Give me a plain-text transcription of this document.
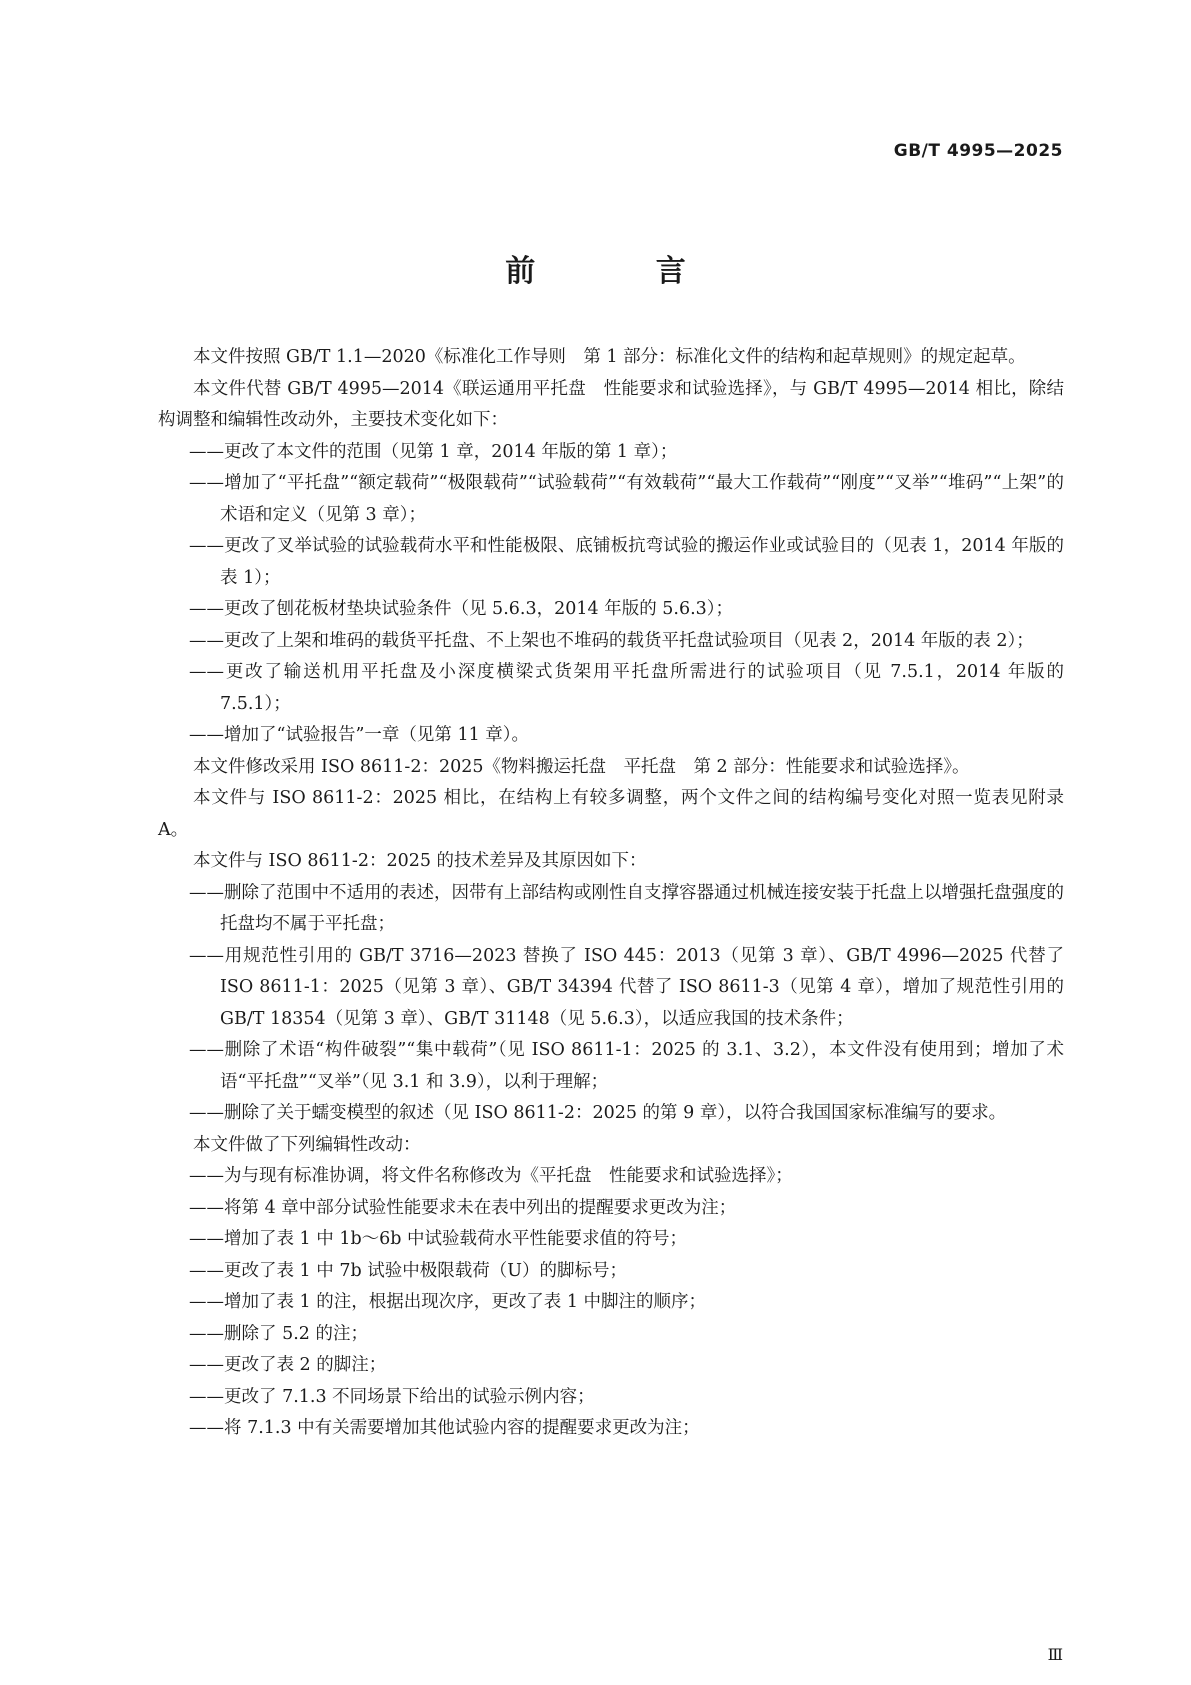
GB/T 4995—2025
前 言

本文件按照 GB/T 1.1—2020《标准化工作导则　第 1 部分：标准化文件的结构和起草规则》的规定起草。

本文件代替 GB/T 4995—2014《联运通用平托盘　性能要求和试验选择》，与 GB/T 4995—2014 相比，除结构调整和编辑性改动外，主要技术变化如下：

——更改了本文件的范围（见第 1 章，2014 年版的第 1 章）；

——增加了“平托盘”“额定载荷”“极限载荷”“试验载荷”“有效载荷”“最大工作载荷”“刚度”“叉举”“堆码”“上架”的术语和定义（见第 3 章）；

——更改了叉举试验的试验载荷水平和性能极限、底铺板抗弯试验的搬运作业或试验目的（见表 1，2014 年版的表 1）；

——更改了刨花板材垫块试验条件（见 5.6.3，2014 年版的 5.6.3）；

——更改了上架和堆码的载货平托盘、不上架也不堆码的载货平托盘试验项目（见表 2，2014 年版的表 2）；

——更改了输送机用平托盘及小深度横梁式货架用平托盘所需进行的试验项目（见 7.5.1，2014 年版的 7.5.1）；

——增加了“试验报告”一章（见第 11 章）。

本文件修改采用 ISO 8611-2：2025《物料搬运托盘　平托盘　第 2 部分：性能要求和试验选择》。

本文件与 ISO 8611-2：2025 相比，在结构上有较多调整，两个文件之间的结构编号变化对照一览表见附录 A。

本文件与 ISO 8611-2：2025 的技术差异及其原因如下：

——删除了范围中不适用的表述，因带有上部结构或刚性自支撑容器通过机械连接安装于托盘上以增强托盘强度的托盘均不属于平托盘；

——用规范性引用的 GB/T 3716—2023 替换了 ISO 445：2013（见第 3 章）、GB/T 4996—2025 代替了 ISO 8611-1：2025（见第 3 章）、GB/T 34394 代替了 ISO 8611-3（见第 4 章），增加了规范性引用的 GB/T 18354（见第 3 章）、GB/T 31148（见 5.6.3），以适应我国的技术条件；

——删除了术语“构件破裂”“集中载荷”（见 ISO 8611-1：2025 的 3.1、3.2），本文件没有使用到；增加了术语“平托盘”“叉举”（见 3.1 和 3.9），以利于理解；

——删除了关于蠕变模型的叙述（见 ISO 8611-2：2025 的第 9 章），以符合我国国家标准编写的要求。

本文件做了下列编辑性改动：

——为与现有标准协调，将文件名称修改为《平托盘　性能要求和试验选择》；

——将第 4 章中部分试验性能要求未在表中列出的提醒要求更改为注；

——增加了表 1 中 1b～6b 中试验载荷水平性能要求值的符号；

——更改了表 1 中 7b 试验中极限载荷（U）的脚标号；

——增加了表 1 的注，根据出现次序，更改了表 1 中脚注的顺序；

——删除了 5.2 的注；

——更改了表 2 的脚注；

——更改了 7.1.3 不同场景下给出的试验示例内容；

——将 7.1.3 中有关需要增加其他试验内容的提醒要求更改为注；

Ⅲ
